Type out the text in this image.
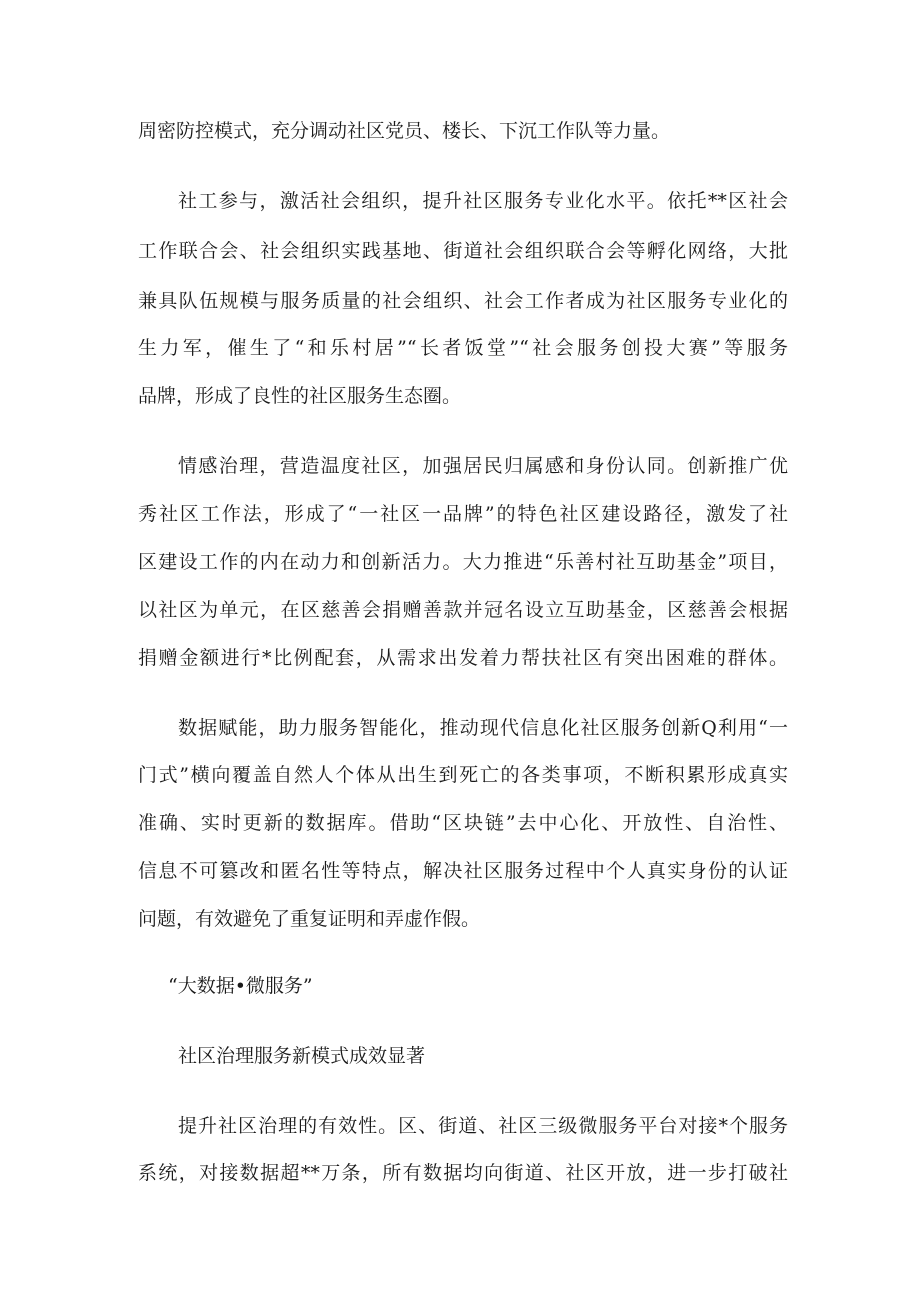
周密防控模式，充分调动社区党员、楼长、下沉工作队等力量。
社工参与，激活社会组织，提升社区服务专业化水平。依托**区社会
工作联合会、社会组织实践基地、街道社会组织联合会等孵化网络，大批
兼具队伍规模与服务质量的社会组织、社会工作者成为社区服务专业化的
生力军，催生了“和乐村居”“长者饭堂”“社会服务创投大赛”等服务
品牌，形成了良性的社区服务生态圈。
情感治理，营造温度社区，加强居民归属感和身份认同。创新推广优
秀社区工作法，形成了“一社区一品牌”的特色社区建设路径，激发了社
区建设工作的内在动力和创新活力。大力推进“乐善村社互助基金”项目，
以社区为单元，在区慈善会捐赠善款并冠名设立互助基金，区慈善会根据
捐赠金额进行*比例配套，从需求出发着力帮扶社区有突出困难的群体。
数据赋能，助力服务智能化，推动现代信息化社区服务创新Q利用“一
门式”横向覆盖自然人个体从出生到死亡的各类事项，不断积累形成真实
准确、实时更新的数据库。借助“区块链”去中心化、开放性、自治性、
信息不可篡改和匿名性等特点，解决社区服务过程中个人真实身份的认证
问题，有效避免了重复证明和弄虚作假。
“大数据•微服务”
社区治理服务新模式成效显著
提升社区治理的有效性。区、街道、社区三级微服务平台对接*个服务
系统，对接数据超**万条，所有数据均向街道、社区开放，进一步打破社
